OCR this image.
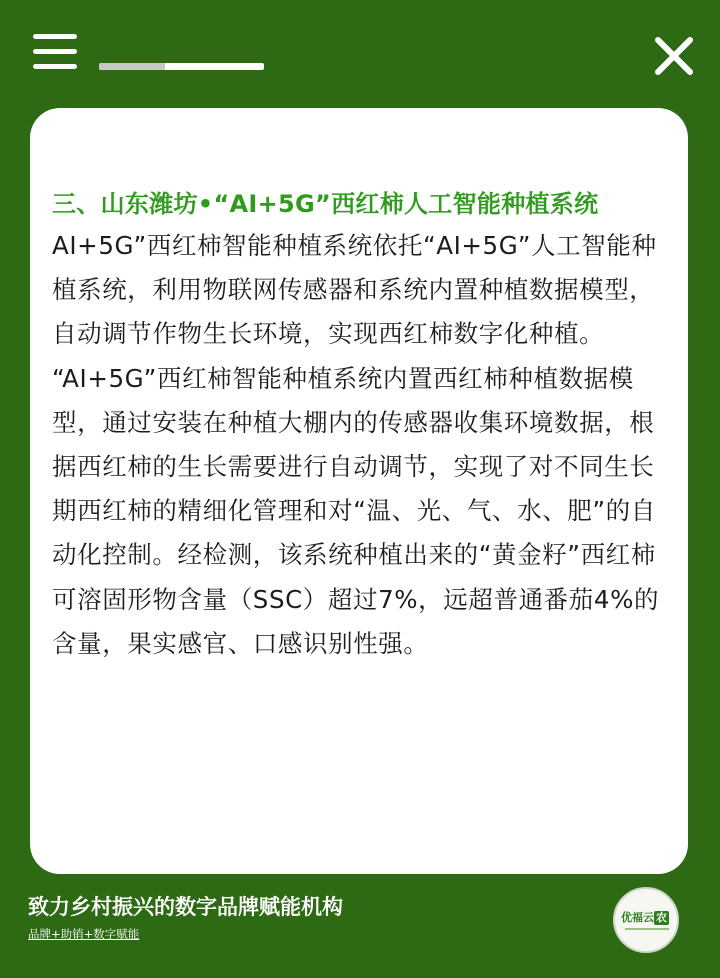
三、山东潍坊•“AI+5G”西红柿人工智能种植系统

AI+5G”西红柿智能种植系统依托“AI+5G”人工智能种植系统，利用物联网传感器和系统内置种植数据模型，自动调节作物生长环境，实现西红柿数字化种植。

“AI+5G”西红柿智能种植系统内置西红柿种植数据模型，通过安装在种植大棚内的传感器收集环境数据，根据西红柿的生长需要进行自动调节，实现了对不同生长期西红柿的精细化管理和对“温、光、气、水、肥”的自动化控制。经检测，该系统种植出来的“黄金籽”西红柿可溶固形物含量（SSC）超过7%，远超普通番茄4%的含量，果实感官、口感识别性强。

致力乡村振兴的数字品牌赋能机构

品牌+助销+数字赋能
优福云 农
